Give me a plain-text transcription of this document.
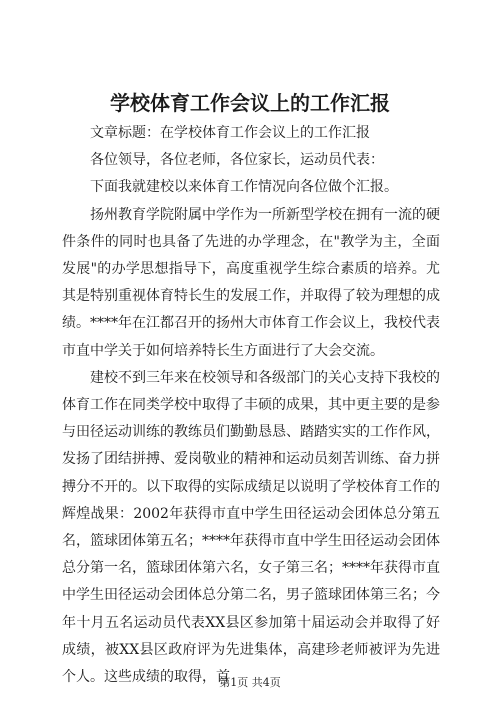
学校体育工作会议上的工作汇报

文章标题：在学校体育工作会议上的工作汇报

各位领导，各位老师，各位家长，运动员代表：

下面我就建校以来体育工作情况向各位做个汇报。

扬州教育学院附属中学作为一所新型学校在拥有一流的硬件条件的同时也具备了先进的办学理念，在"教学为主，全面发展"的办学思想指导下，高度重视学生综合素质的培养。尤其是特别重视体育特长生的发展工作，并取得了较为理想的成绩。****年在江都召开的扬州大市体育工作会议上，我校代表市直中学关于如何培养特长生方面进行了大会交流。

建校不到三年来在校领导和各级部门的关心支持下我校的体育工作在同类学校中取得了丰硕的成果，其中更主要的是参与田径运动训练的教练员们勤勤恳恳、踏踏实实的工作作风，发扬了团结拼搏、爱岗敬业的精神和运动员刻苦训练、奋力拼搏分不开的。以下取得的实际成绩足以说明了学校体育工作的辉煌战果：2002年获得市直中学生田径运动会团体总分第五名，篮球团体第五名；****年获得市直中学生田径运动会团体总分第一名，篮球团体第六名，女子第三名；****年获得市直中学生田径运动会团体总分第二名，男子篮球团体第三名；今年十月五名运动员代表XX县区参加第十届运动会并取得了好成绩，被XX县区政府评为先进集体，高建珍老师被评为先进个人。这些成绩的取得，首

第1页 共4页
